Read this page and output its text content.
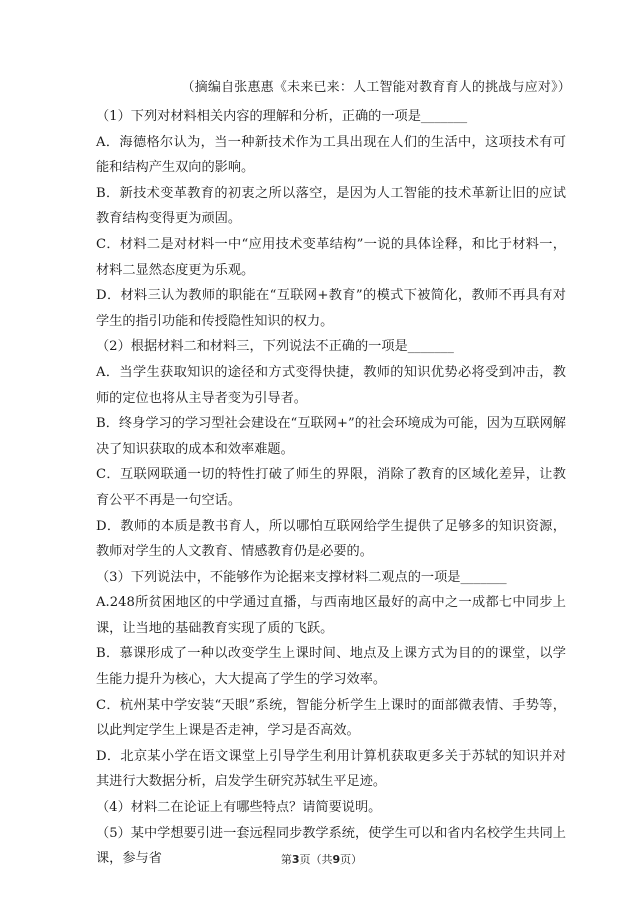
（摘编自张惠惠《未来已来：人工智能对教育育人的挑战与应对》）

（1）下列对材料相关内容的理解和分析，正确的一项是_______

A．海德格尔认为，当一种新技术作为工具出现在人们的生活中，这项技术有可能和结构产生双向的影响。

B．新技术变革教育的初衷之所以落空，是因为人工智能的技术革新让旧的应试教育结构变得更为顽固。

C．材料二是对材料一中“应用技术变革结构”一说的具体诠释，和比于材料一，材料二显然态度更为乐观。

D．材料三认为教师的职能在“互联网+教育”的模式下被简化，教师不再具有对学生的指引功能和传授隐性知识的权力。

（2）根据材料二和材料三，下列说法不正确的一项是_______

A．当学生获取知识的途径和方式变得快捷，教师的知识优势必将受到冲击，教师的定位也将从主导者变为引导者。

B．终身学习的学习型社会建设在“互联网+”的社会环境成为可能，因为互联网解决了知识获取的成本和效率难题。

C．互联网联通一切的特性打破了师生的界限，消除了教育的区域化差异，让教育公平不再是一句空话。

D．教师的本质是教书育人，所以哪怕互联网给学生提供了足够多的知识资源，教师对学生的人文教育、情感教育仍是必要的。

（3）下列说法中，不能够作为论据来支撑材料二观点的一项是_______

A.248所贫困地区的中学通过直播，与西南地区最好的高中之一成都七中同步上课，让当地的基础教育实现了质的飞跃。

B．慕课形成了一种以改变学生上课时间、地点及上课方式为目的的课堂，以学生能力提升为核心，大大提高了学生的学习效率。

C．杭州某中学安装“天眼”系统，智能分析学生上课时的面部微表情、手势等，以此判定学生上课是否走神，学习是否高效。

D．北京某小学在语文课堂上引导学生利用计算机获取更多关于苏轼的知识并对其进行大数据分析，启发学生研究苏轼生平足迹。

（4）材料二在论证上有哪些特点？请简要说明。

（5）某中学想要引进一套远程同步教学系统，使学生可以和省内名校学生共同上课，参与省	第3页（共9页）
